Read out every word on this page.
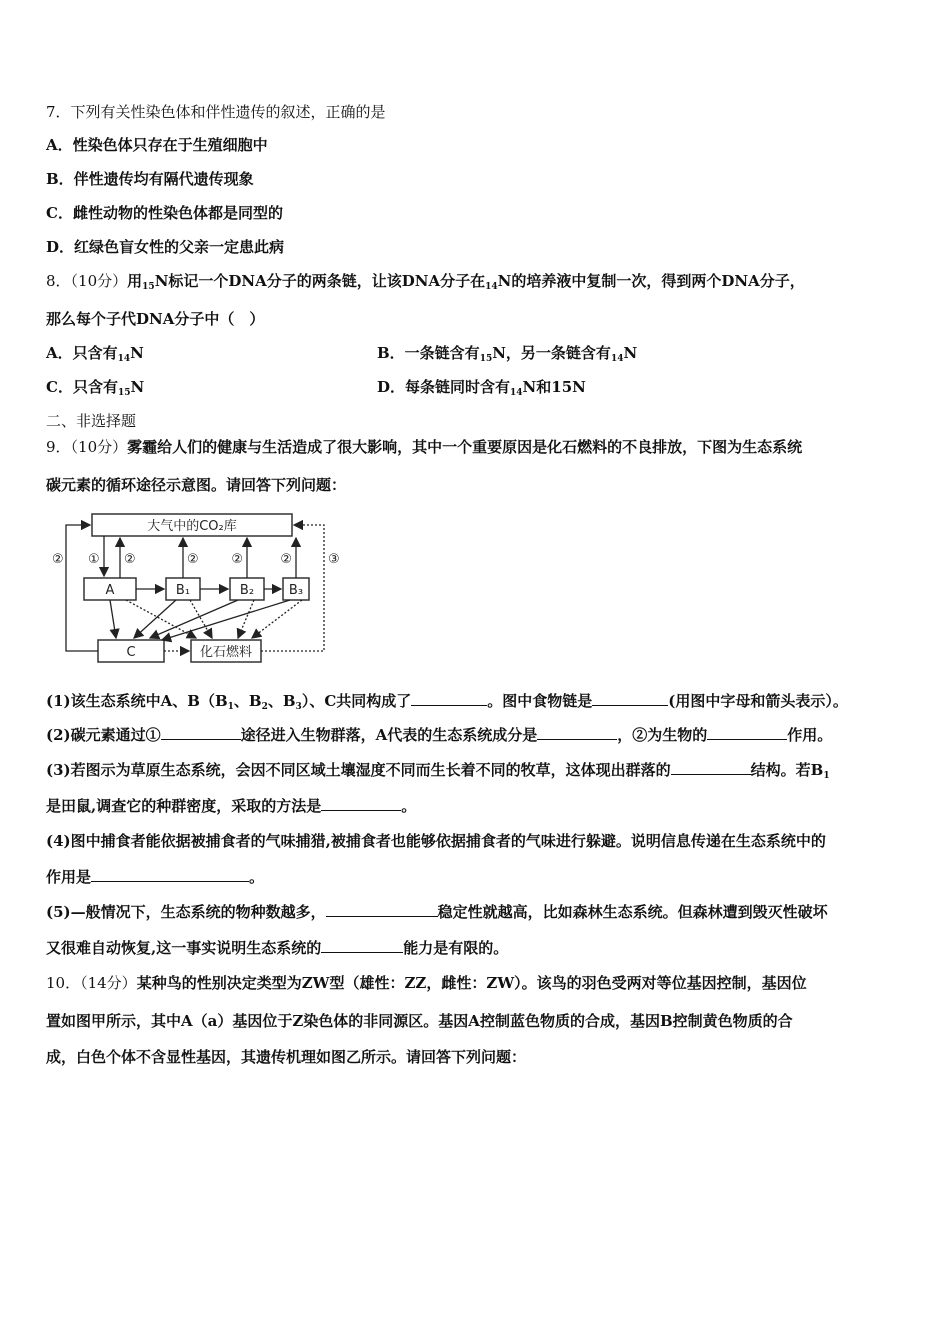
7．下列有关性染色体和伴性遗传的叙述，正确的是
A．性染色体只存在于生殖细胞中
B．伴性遗传均有隔代遗传现象
C．雌性动物的性染色体都是同型的
D．红绿色盲女性的父亲一定患此病
8．（10分）用$_{15}$N标记一个DNA分子的两条链，让该DNA分子在$_{14}$N的培养液中复制一次，得到两个DNA分子，
那么每个子代DNA分子中（　）
A．只含有$_{14}$N	B．一条链含有$_{15}$N，另一条链含有$_{14}$N
C．只含有$_{15}$N	D．每条链同时含有$_{14}$N和15N
二、非选择题
9．（10分）雾霾给人们的健康与生活造成了很大影响，其中一个重要原因是化石燃料的不良排放，下图为生态系统
碳元素的循环途径示意图。请回答下列问题：
大气中的CO₂库
A	B₁	B₂	B₃
C	化石燃料
① ②	②	②	②
②	③
(1)该生态系统中A、$B(B_1$、$B_2$、$B_3$）、C共同构成了	。图中食物链是	(用图中字母和箭头表示）。
(2)碳元素通过①	途径进入生物群落，A代表的生态系统成分是	，②为生物的	作用。
(3)若图示为草原生态系统，会因不同区域土壤湿度不同而生长着不同的牧草，这体现出群落的	结构。若$B_1$
是田鼠,调查它的种群密度，采取的方法是	。
(4)图中捕食者能依据被捕食者的气味捕猎,被捕食者也能够依据捕食者的气味进行躲避。说明信息传递在生态系统中的
作用是	。
(5)—般情况下，生态系统的物种数越多，	稳定性就越高，比如森林生态系统。但森林遭到毁灭性破坏
又很难自动恢复,这一事实说明生态系统的	能力是有限的。
10．（14分）某种鸟的性别决定类型为ZW型（雄性：ZZ，雌性：ZW）。该鸟的羽色受两对等位基因控制，基因位
置如图甲所示，其中A（a）基因位于Z染色体的非同源区。基因A控制蓝色物质的合成，基因B控制黄色物质的合
成，白色个体不含显性基因，其遗传机理如图乙所示。请回答下列问题：
